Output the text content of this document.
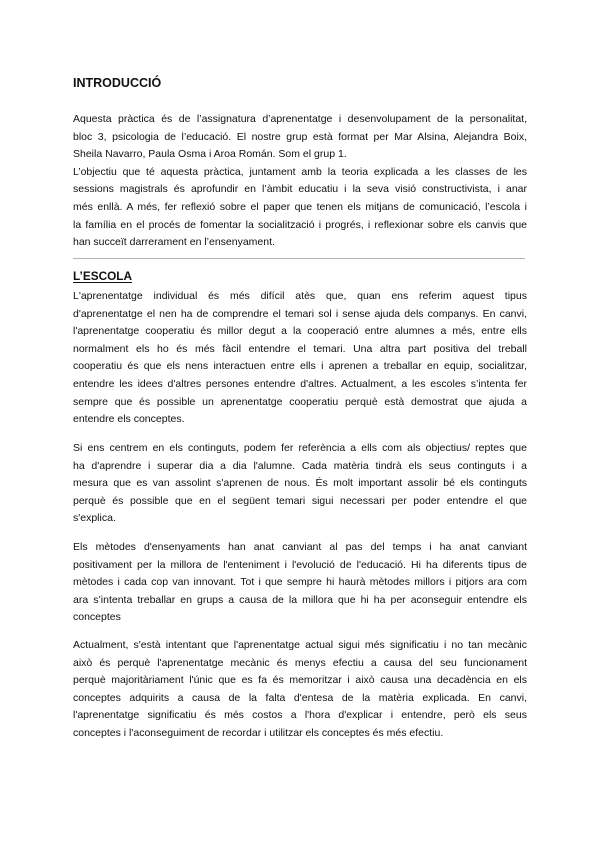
INTRODUCCIÓ
Aquesta pràctica és de l’assignatura d’aprenentatge i desenvolupament de la personalitat,
bloc 3, psicologia de l’educació. El nostre grup està format per Mar Alsina, Alejandra Boix,
Sheila Navarro, Paula Osma i Aroa Román. Som el grup 1.
L’objectiu que té aquesta pràctica, juntament amb la teoria explicada a les classes de les
sessions magistrals és aprofundir en l’àmbit educatiu i la seva visió constructivista, i anar
més enllà. A més, fer reflexió sobre el paper que tenen els mitjans de comunicació, l’escola i
la família en el procés de fomentar la socialització i progrés, i reflexionar sobre els canvis que
han succeït darrerament en l’ensenyament.
L’ESCOLA
L'aprenentatge individual és més difícil atès que, quan ens referim aquest tipus
d'aprenentatge el nen ha de comprendre el temari sol i sense ajuda dels companys. En canvi,
l'aprenentatge cooperatiu és millor degut a la cooperació entre alumnes a més, entre ells
normalment els ho és més fàcil entendre el temari. Una altra part positiva del treball
cooperatiu és que els nens interactuen entre ells i aprenen a treballar en equip, socialitzar,
entendre les idees d'altres persones entendre d'altres. Actualment, a les escoles s’intenta fer
sempre que és possible un aprenentatge cooperatiu perquè està demostrat que ajuda a
entendre els conceptes.
Si ens centrem en els continguts, podem fer referència a ells com als objectius/ reptes que
ha d'aprendre i superar dia a dia l'alumne. Cada matèria tindrà els seus continguts i a
mesura que es van assolint s'aprenen de nous. És molt important assolir bé els continguts
perquè és possible que en el següent temari sigui necessari per poder entendre el que
s'explica.
Els mètodes d'ensenyaments han anat canviant al pas del temps i ha anat canviant
positivament per la millora de l'enteniment i l'evolució de l'educació. Hi ha diferents tipus de
mètodes i cada cop van innovant. Tot i que sempre hi haurà mètodes millors i pitjors ara com
ara s’intenta treballar en grups a causa de la millora que hi ha per aconseguir entendre els
conceptes
Actualment, s'està intentant que l'aprenentatge actual sigui més significatiu i no tan mecànic
això és perquè l'aprenentatge mecànic és menys efectiu a causa del seu funcionament
perquè majoritàriament l'únic que es fa és memoritzar i això causa una decadència en els
conceptes adquirits a causa de la falta d'entesa de la matèria explicada. En canvi,
l'aprenentatge significatiu és més costos a l'hora d'explicar i entendre, però els seus
conceptes i l'aconseguiment de recordar i utilitzar els conceptes és més efectiu.
